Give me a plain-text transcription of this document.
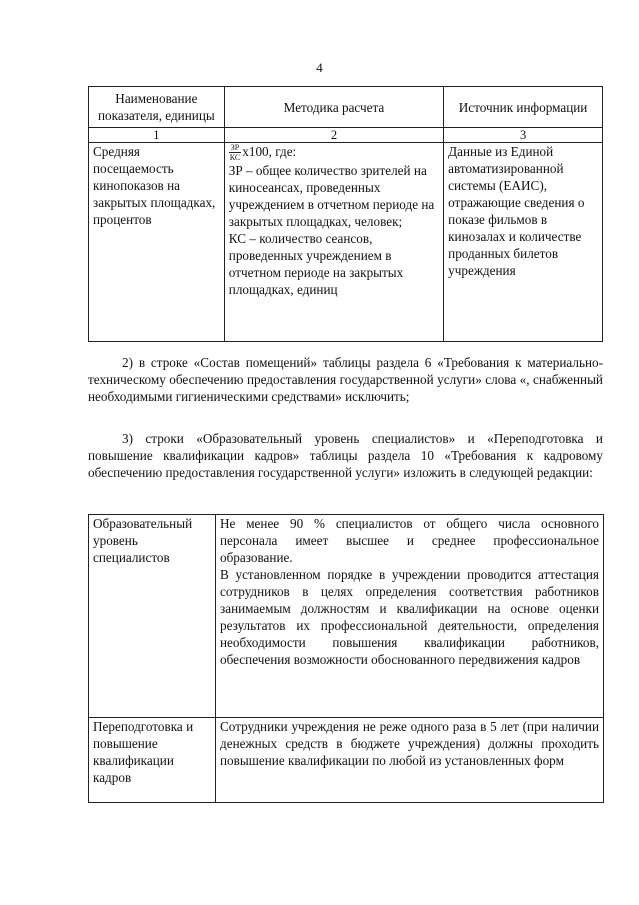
4
Наименование показателя, единицы	Методика расчета	Источник информации
1	2	3
Средняя посещаемость кинопоказов на закрытых площадках, процентов	$\frac{ЗР}{КС} х100$, где:
ЗР – общее количество зрителей на киносеансах, проведенных учреждением в отчетном периоде на закрытых площадках, человек;
КС – количество сеансов, проведенных учреждением в отчетном периоде на закрытых площадках, единиц	Данные из Единой автоматизированной системы (ЕАИС), отражающие сведения о показе фильмов в кинозалах и количестве проданных билетов учреждения
2) в строке «Состав помещений» таблицы раздела 6 «Требования к материально-техническому обеспечению предоставления государственной услуги» слова «, снабженный необходимыми гигиеническими средствами» исключить;
3) строки «Образовательный уровень специалистов» и «Переподготовка и повышение квалификации кадров» таблицы раздела 10 «Требования к кадровому обеспечению предоставления государственной услуги» изложить в следующей редакции:
Образовательный уровень специалистов	Не менее 90 % специалистов от общего числа основного персонала имеет высшее и среднее профессиональное образование.
В установленном порядке в учреждении проводится аттестация сотрудников в целях определения соответствия работников занимаемым должностям и квалификации на основе оценки результатов их профессиональной деятельности, определения необходимости повышения квалификации работников, обеспечения возможности обоснованного передвижения кадров

Переподготовка и повышение квалификации кадров	Сотрудники учреждения не реже одного раза в 5 лет (при наличии денежных средств в бюджете учреждения) должны проходить повышение квалификации по любой из установленных форм
